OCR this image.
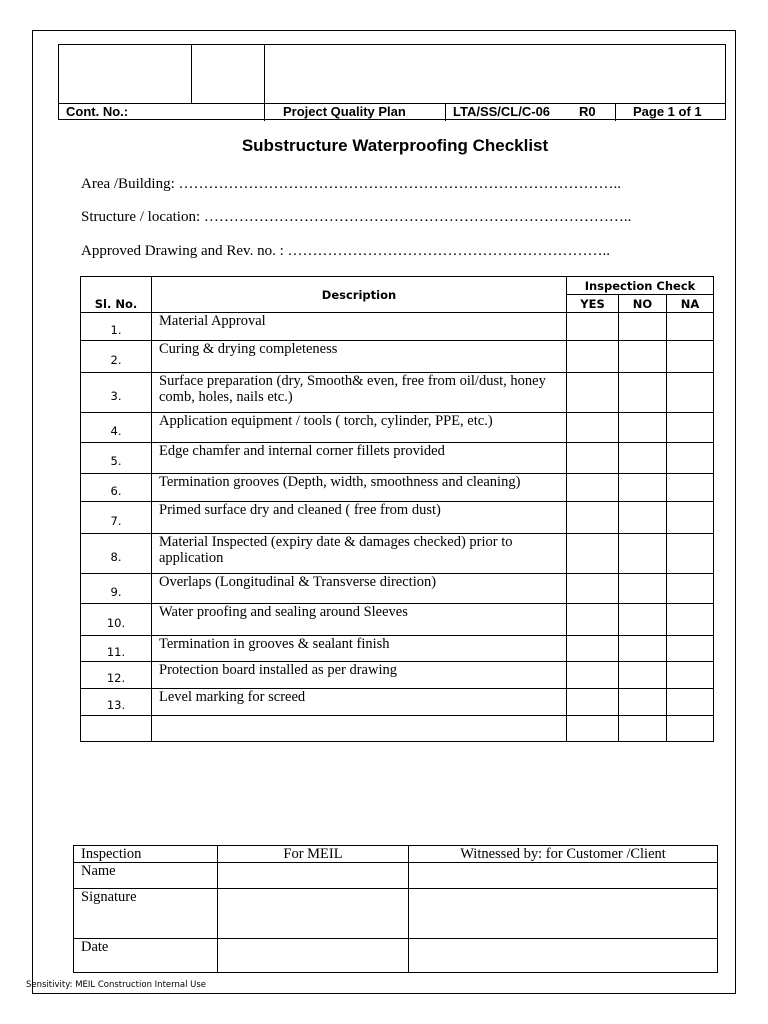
Cont. No.:	Project Quality Plan	LTA/SS/CL/C-06 R0	Page 1 of 1
Substructure Waterproofing Checklist
Area /Building: ……………………………………………………………………………..
Structure / location: …………………………………………………………………………..
Approved Drawing and Rev. no. : ………………………………………………………..
Sl. No.	Description	Inspection Check		
		YES	NO	NA
1.	Material Approval			
2.	Curing & drying completeness			
3.	Surface preparation (dry, Smooth& even, free from oil/dust, honey comb, holes, nails etc.)			
4.	Application equipment / tools ( torch, cylinder, PPE, etc.)			
5.	Edge chamfer and internal corner fillets provided			
6.	Termination grooves (Depth, width, smoothness and cleaning)			
7.	Primed surface dry and cleaned ( free from dust)			
8.	Material Inspected (expiry date & damages checked) prior to application			
9.	Overlaps (Longitudinal & Transverse direction)			
10.	Water proofing and sealing around Sleeves			
11.	Termination in grooves & sealant finish			
12.	Protection board installed as per drawing			
13.	Level marking for screed			

Inspection	For MEIL	Witnessed by: for Customer /Client
Name		
Signature		
Date		
Sensitivity: MEIL Construction Internal Use
